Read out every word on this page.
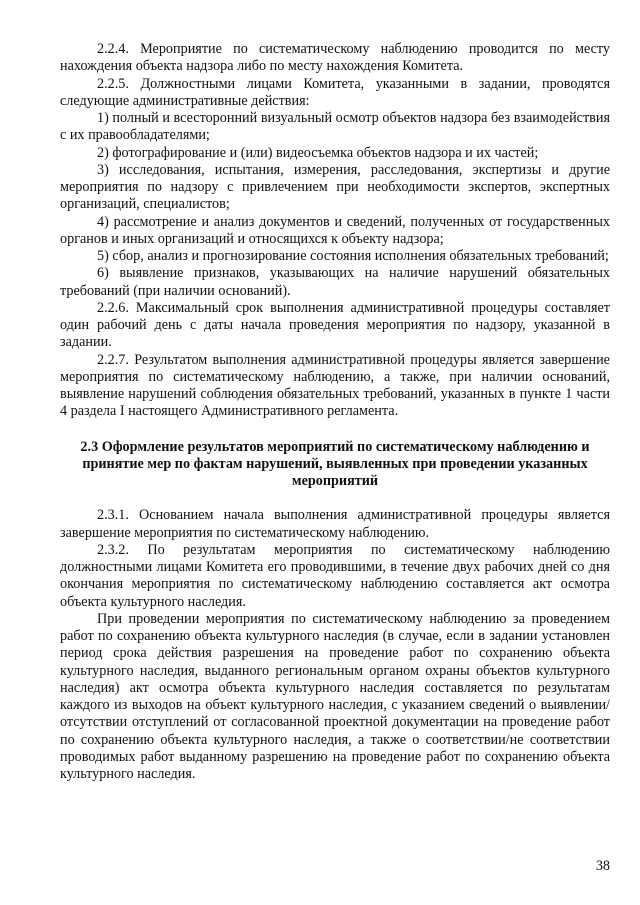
2.2.4. Мероприятие по систематическому наблюдению проводится по месту нахождения объекта надзора либо по месту нахождения Комитета.

2.2.5. Должностными лицами Комитета, указанными в задании, проводятся следующие административные действия:

1) полный и всесторонний визуальный осмотр объектов надзора без взаимодействия с их правообладателями;

2) фотографирование и (или) видеосъемка объектов надзора и их частей;

3) исследования, испытания, измерения, расследования, экспертизы и другие мероприятия по надзору с привлечением при необходимости экспертов, экспертных организаций, специалистов;

4) рассмотрение и анализ документов и сведений, полученных от государственных органов и иных организаций и относящихся к объекту надзора;

5) сбор, анализ и прогнозирование состояния исполнения обязательных требований;

6) выявление признаков, указывающих на наличие нарушений обязательных требований (при наличии оснований).

2.2.6. Максимальный срок выполнения административной процедуры составляет один рабочий день с даты начала проведения мероприятия по надзору, указанной в задании.

2.2.7. Результатом выполнения административной процедуры является завершение мероприятия по систематическому наблюдению, а также, при наличии оснований, выявление нарушений соблюдения обязательных требований, указанных в пункте 1 части 4 раздела I настоящего Административного регламента.

2.3 Оформление результатов мероприятий по систематическому наблюдению и принятие мер по фактам нарушений, выявленных при проведении указанных мероприятий

2.3.1. Основанием начала выполнения административной процедуры является завершение мероприятия по систематическому наблюдению.

2.3.2. По результатам мероприятия по систематическому наблюдению должностными лицами Комитета его проводившими, в течение двух рабочих дней со дня окончания мероприятия по систематическому наблюдению составляется акт осмотра объекта культурного наследия.

При проведении мероприятия по систематическому наблюдению за проведением работ по сохранению объекта культурного наследия (в случае, если в задании установлен период срока действия разрешения на проведение работ по сохранению объекта культурного наследия, выданного региональным органом охраны объектов культурного наследия) акт осмотра объекта культурного наследия составляется по результатам каждого из выходов на объект культурного наследия, с указанием сведений о выявлении/отсутствии отступлений от согласованной проектной документации на проведение работ по сохранению объекта культурного наследия, а также о соответствии/не соответствии проводимых работ выданному разрешению на проведение работ по сохранению объекта культурного наследия.

38
